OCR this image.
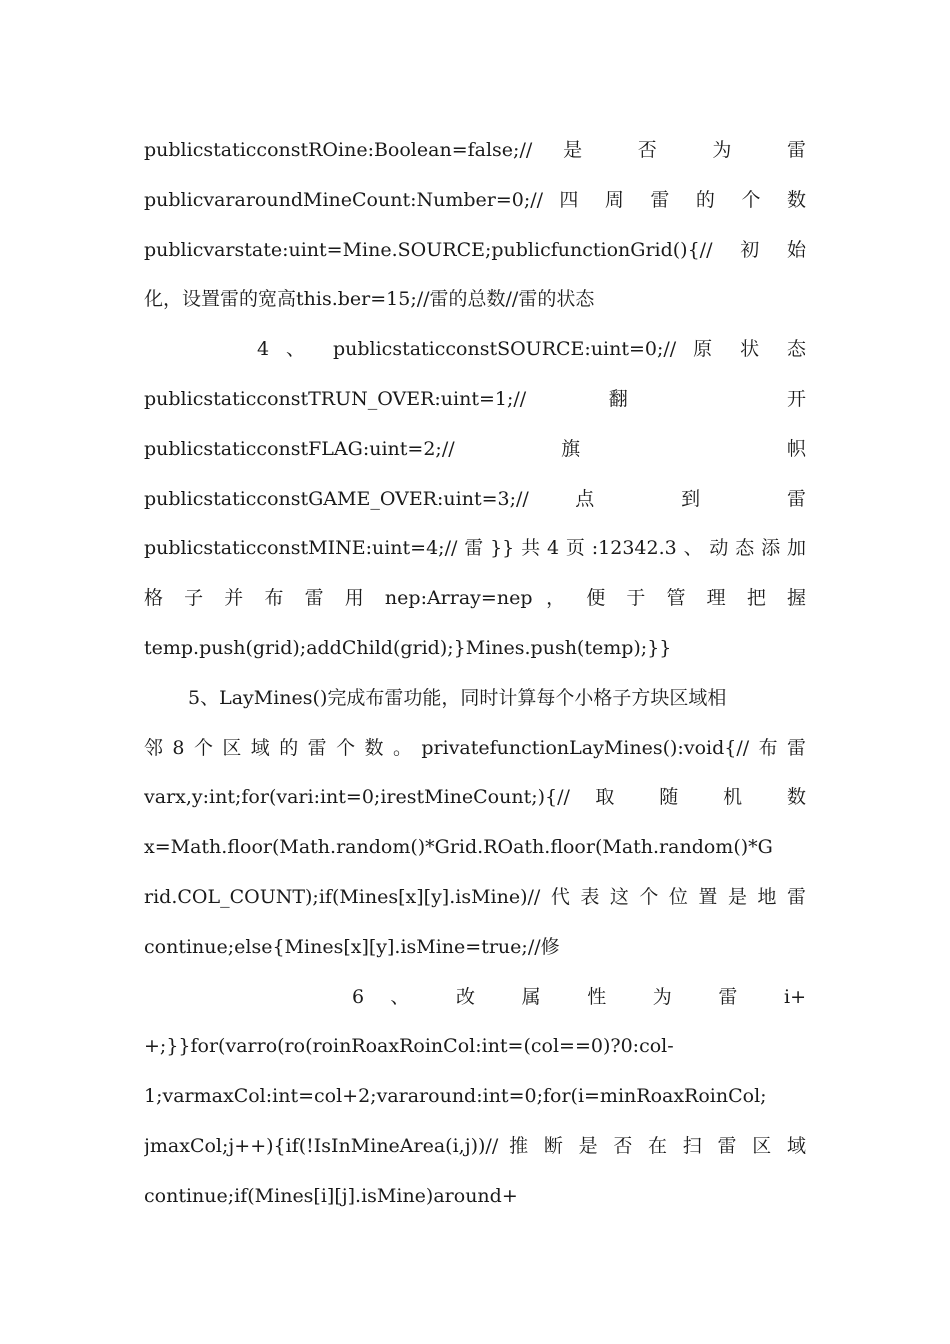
publicstaticconstROine:Boolean=false;// 是 否 为 雷
publicvararoundMineCount:Number=0;// 四 周 雷 的 个 数
publicvarstate:uint=Mine.SOURCE;publicfunctionGrid(){//初始
化，设置雷的宽高this.ber=15;//雷的总数//雷的状态
4 、 publicstaticconstSOURCE:uint=0;// 原 状 态
publicstaticconstTRUN_OVER:uint=1;// 翻 开
publicstaticconstFLAG:uint=2;// 旗 帜
publicstaticconstGAME_OVER:uint=3;// 点 到 雷
publicstaticconstMINE:uint=4;//雷}}共4页:12342.3、动态添加
格 子 并 布 雷 用 nep:Array=nep ， 便 于 管 理 把 握
temp.push(grid);addChild(grid);}Mines.push(temp);}}
5、LayMines()完成布雷功能，同时计算每个小格子方块区域相
邻8个区域的雷个数。privatefunctionLayMines():void{//布雷
varx,y:int;for(vari:int=0;irestMineCount;){// 取 随 机 数
x=Math.floor(Math.random()*Grid.ROath.floor(Math.random()*G
rid.COL_COUNT);if(Mines[x][y].isMine)//代表这个位置是地雷
continue;else{Mines[x][y].isMine=true;//修
6 、 改 属 性 为 雷 i+
+;}}for(varro(ro(roinRoaxRoinCol:int=(col==0)?0:col-
1;varmaxCol:int=col+2;vararound:int=0;for(i=minRoaxRoinCol;
jmaxCol;j++){if(!IsInMineArea(i,j))// 推 断 是 否 在 扫 雷 区 域
continue;if(Mines[i][j].isMine)around+
